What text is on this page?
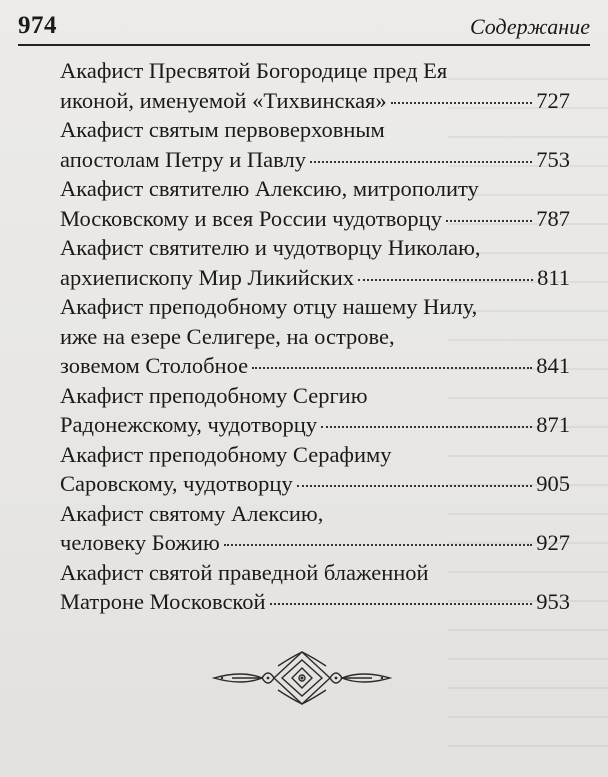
974	Содержание
Акафист Пресвятой Богородице пред Ея
иконой, именуемой «Тихвинская»	727
Акафист святым первоверховным
апостолам Петру и Павлу	753
Акафист святителю Алексию, митрополиту
Московскому и всея России чудотворцу	787
Акафист святителю и чудотворцу Николаю,
архиепископу Мир Ликийских	811
Акафист преподобному отцу нашему Нилу,
иже на езере Селигере, на острове,
зовемом Столобное	841
Акафист преподобному Сергию
Радонежскому, чудотворцу	871
Акафист преподобному Серафиму
Саровскому, чудотворцу	905
Акафист святому Алексию,
человеку Божию	927
Акафист святой праведной блаженной
Матроне Московской	953
